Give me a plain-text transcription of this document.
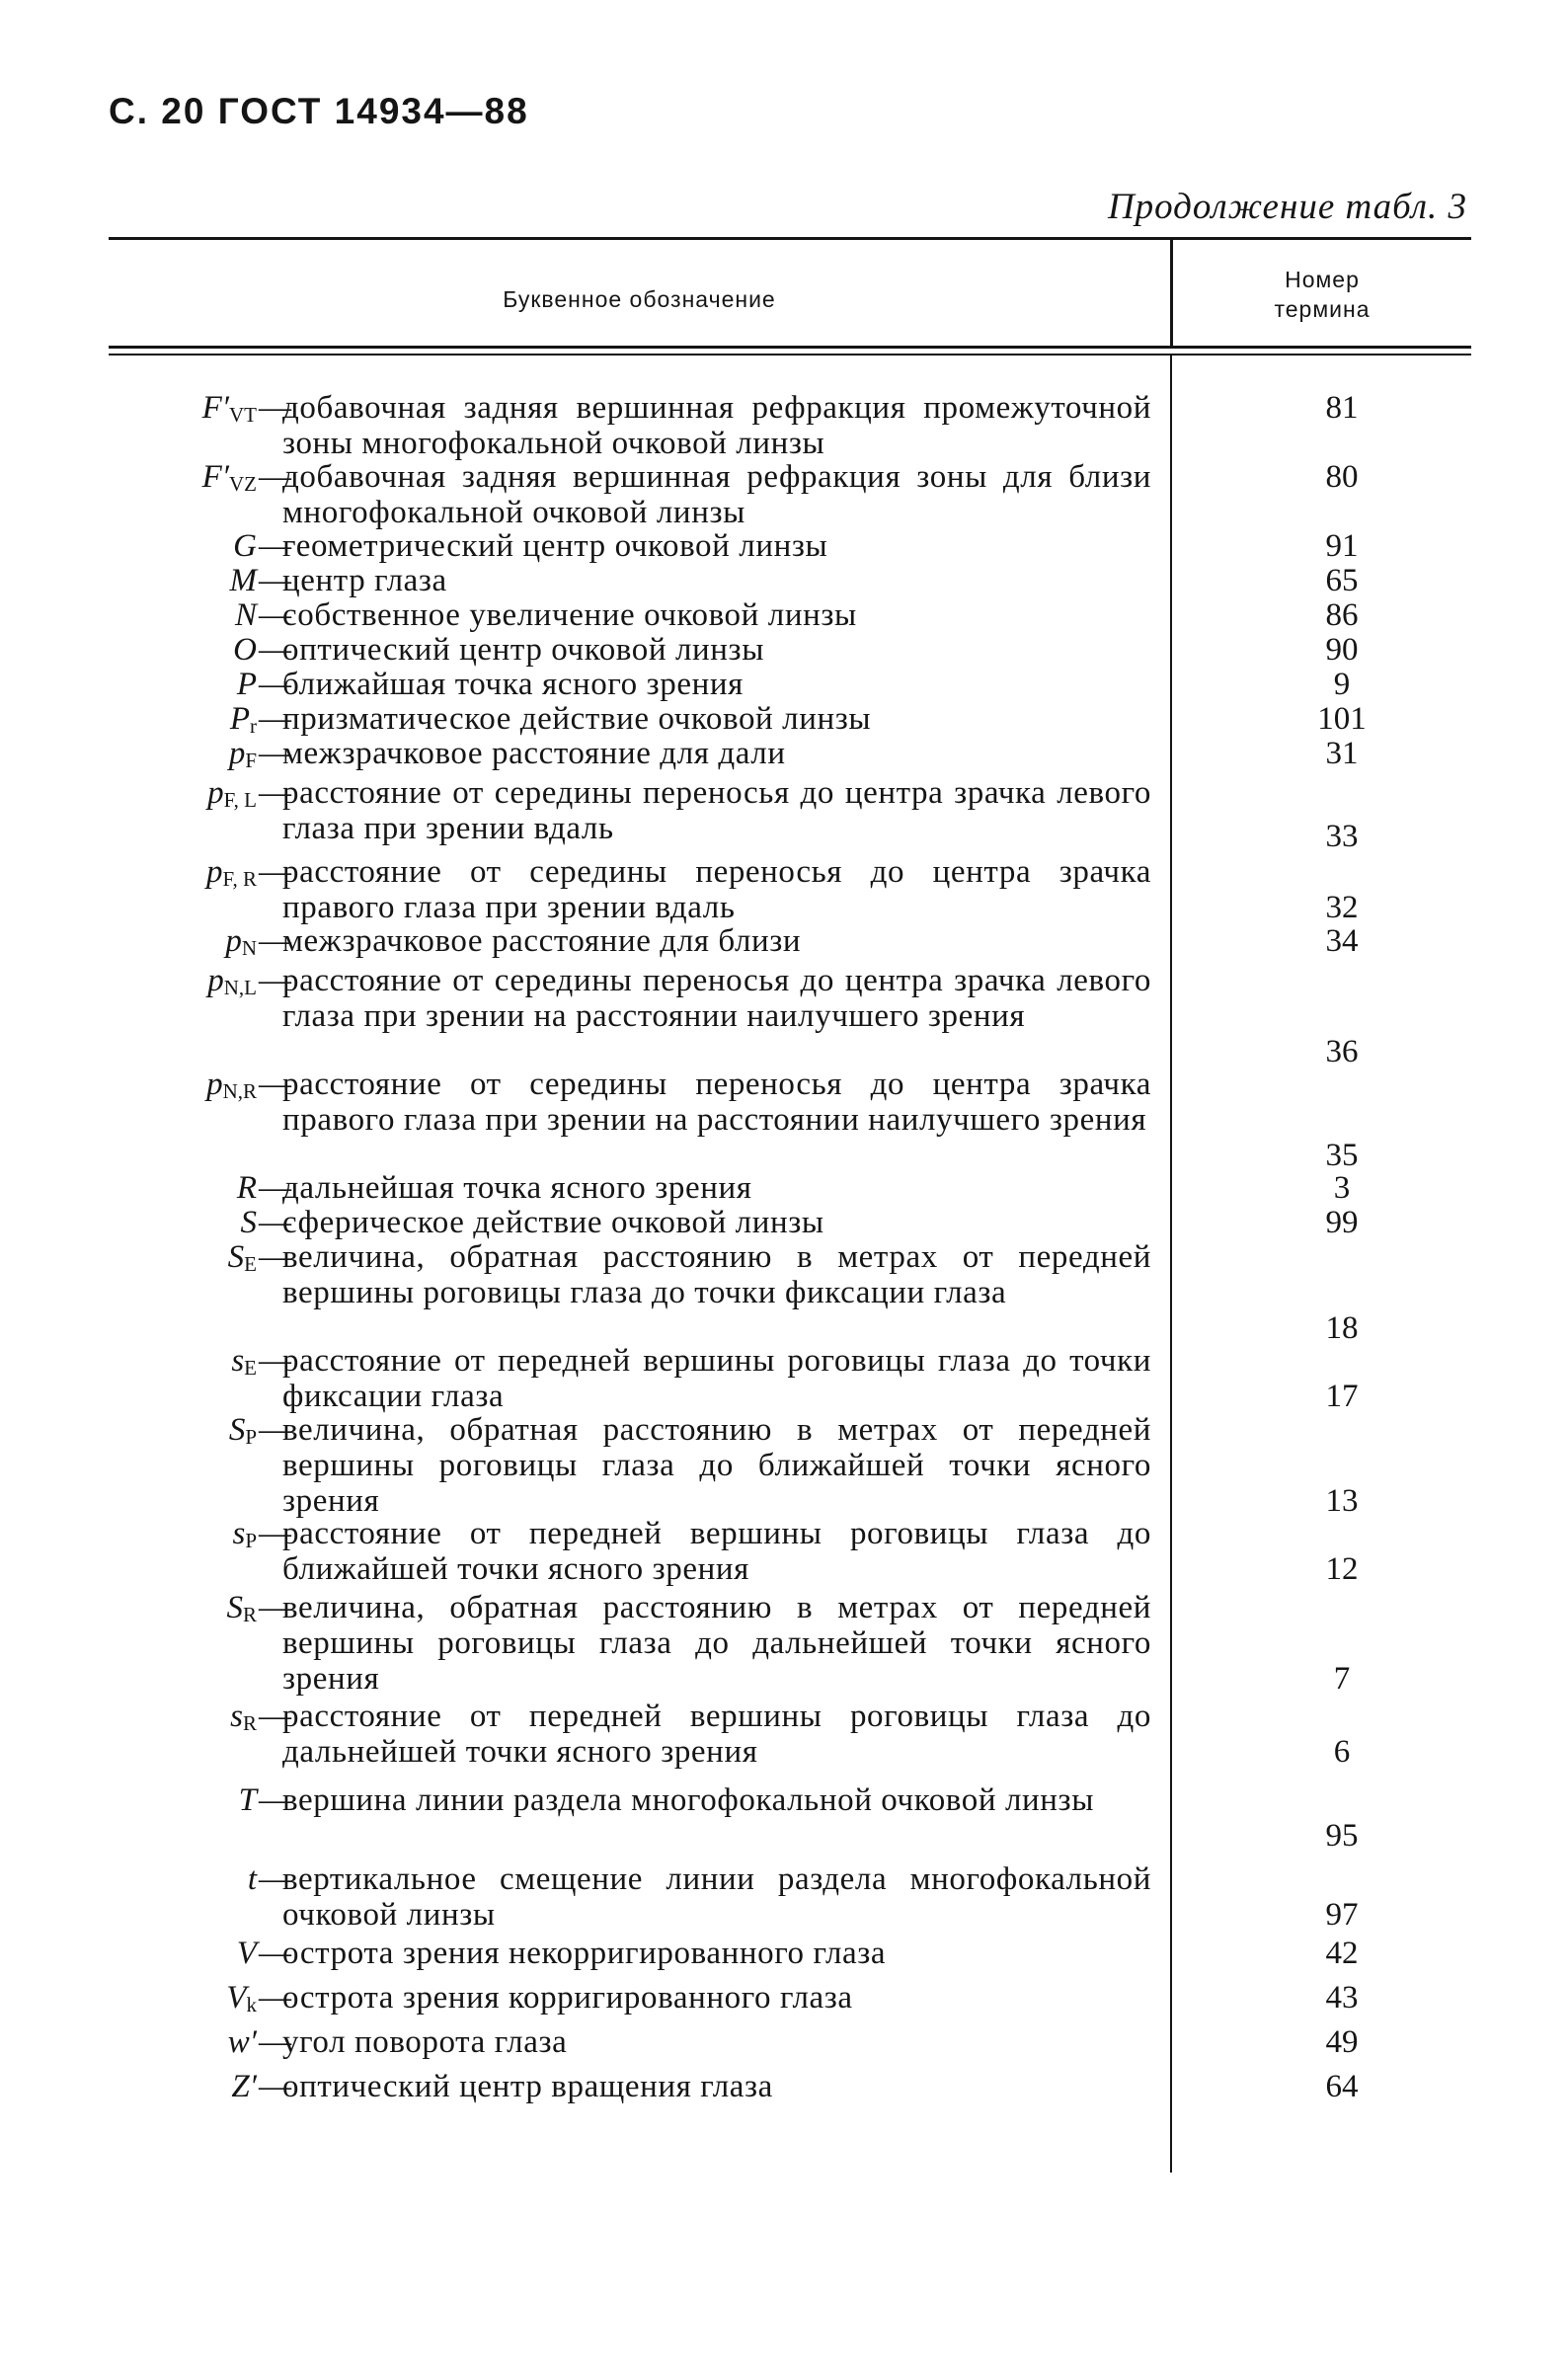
С. 20 ГОСТ 14934—88
Продолжение табл. 3
Буквенное обозначение
Номер
термина
$F'_{VT}$ —
добавочная задняя вершинная рефракция промежуточной зоны многофокальной очковой линзы
81
$F'_{VZ}$ —
добавочная задняя вершинная рефракция зоны для близи многофокальной очковой линзы
80
G —
геометрический центр очковой линзы	91
M —
центр глаза	65
N —
собственное увеличение очковой линзы	86
O —
оптический центр очковой линзы	90
P —
ближайшая точка ясного зрения	9
$P_r$ —
призматическое действие очковой линзы	101
$p_F$ —
межзрачковое расстояние для дали	31
$p_{F, L}$ —
расстояние от середины переносья до центра зрачка левого глаза при зрении вдаль	33
$p_{F, R}$ —
расстояние от середины переносья до центра зрачка правого глаза при зрении вдаль	32
$p_N$ —
межзрачковое расстояние для близи	34
$p_{N,L}$ —
расстояние от середины переносья до центра зрачка левого глаза при зрении на расстоянии наилучшего зрения
36
$p_{N,R}$ —
расстояние от середины переносья до центра зрачка правого глаза при зрении на расстоянии наилучшего зрения
35
R —
дальнейшая точка ясного зрения	3
S —
сферическое действие очковой линзы	99
$S_E$ —
величина, обратная расстоянию в метрах от передней вершины роговицы глаза до точки фиксации глаза
18
$s_E$ —
расстояние от передней вершины роговицы глаза до точки фиксации глаза	17
$S_P$ —
величина, обратная расстоянию в метрах от передней вершины роговицы глаза до ближайшей точки ясного зрения	13
$s_P$ —
расстояние от передней вершины роговицы глаза до ближайшей точки ясного зрения	12
$S_R$ —
величина, обратная расстоянию в метрах от передней вершины роговицы глаза до дальнейшей точки ясного зрения	7
$s_R$ —
расстояние от передней вершины роговицы глаза до дальнейшей точки ясного зрения	6
T —
вершина линии раздела многофокальной очковой линзы
95
t —
вертикальное смещение линии раздела многофокальной очковой линзы	97
V —
острота зрения некорригированного глаза	42
$V_k$ —
острота зрения корригированного глаза	43
w′ —
угол поворота глаза	49
Z′ —
оптический центр вращения глаза	64
